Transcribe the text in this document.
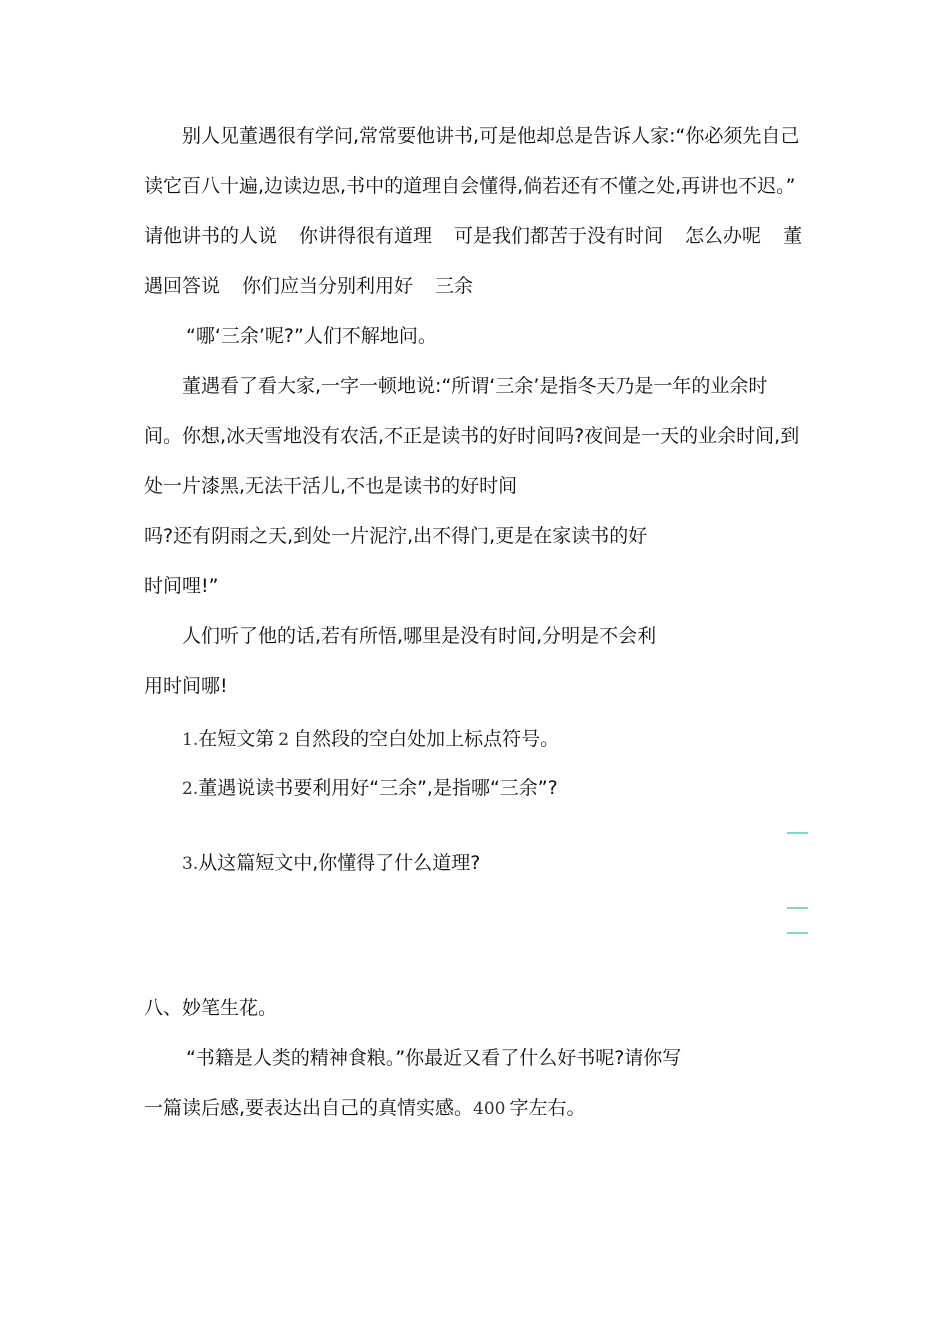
别人见董遇很有学问,常常要他讲书,可是他却总是告诉人家:“你必须先自己
读它百八十遍,边读边思,书中的道理自会懂得,倘若还有不懂之处,再讲也不迟。”
请他讲书的人说 你讲得很有道理 可是我们都苦于没有时间 怎么办呢 董
遇回答说 你们应当分别利用好 三余
“哪‘三余’呢?”人们不解地问。
董遇看了看大家,一字一顿地说:“所谓‘三余’是指冬天乃是一年的业余时
间。你想,冰天雪地没有农活,不正是读书的好时间吗?夜间是一天的业余时间,到
处一片漆黑,无法干活儿,不也是读书的好时间
吗?还有阴雨之天,到处一片泥泞,出不得门,更是在家读书的好
时间哩!”
人们听了他的话,若有所悟,哪里是没有时间,分明是不会利
用时间哪!
1.在短文第 2 自然段的空白处加上标点符号。
2.董遇说读书要利用好“三余”,是指哪“三余”?
3.从这篇短文中,你懂得了什么道理?
八、妙笔生花。
“书籍是人类的精神食粮。”你最近又看了什么好书呢?请你写
一篇读后感,要表达出自己的真情实感。400 字左右。
